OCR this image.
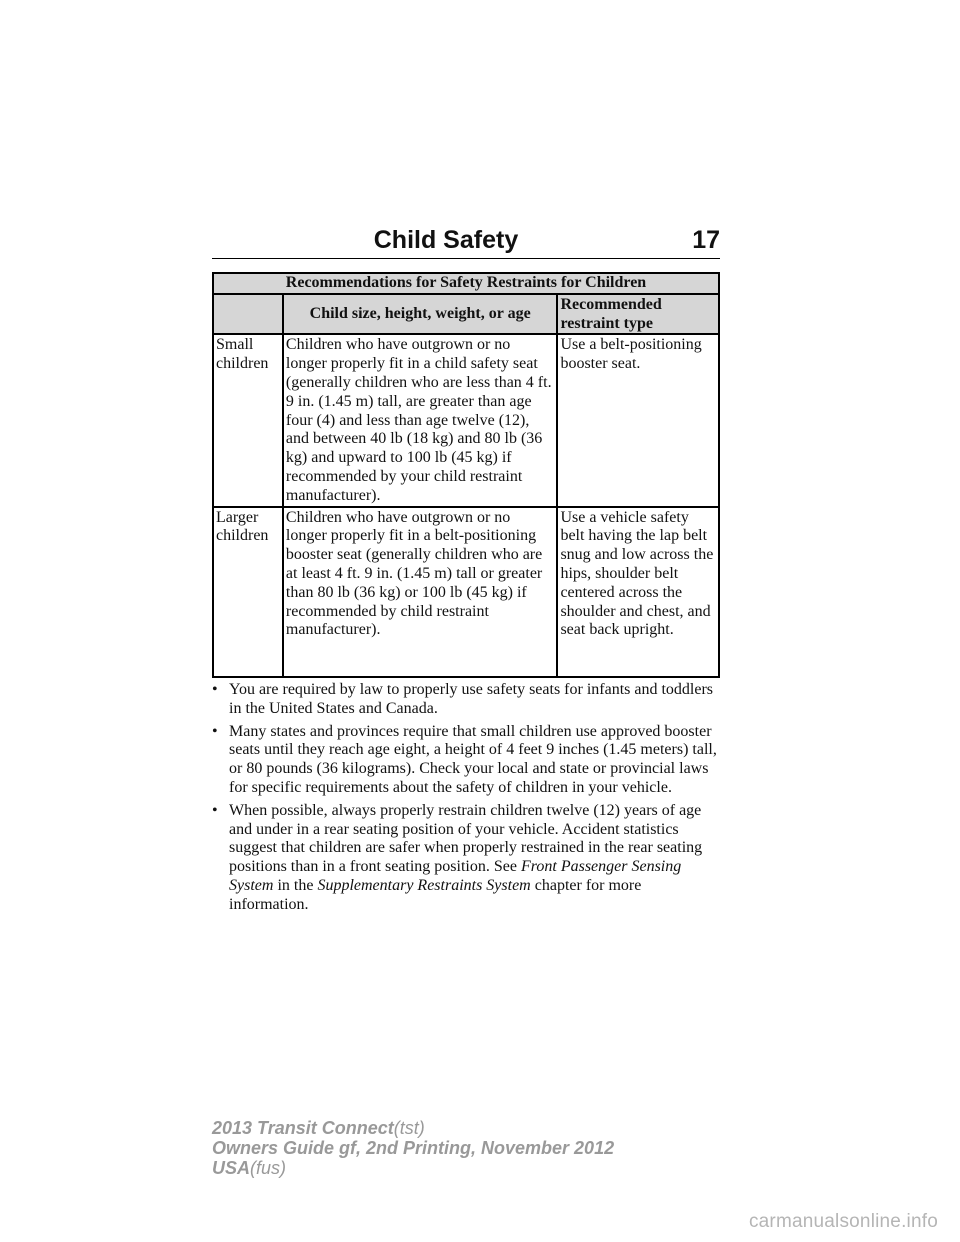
Child Safety	17
Recommendations for Safety Restraints for Children		
	Child size, height, weight, or age	Recommended restraint type
Small children	Children who have outgrown or no longer properly fit in a child safety seat (generally children who are less than 4 ft. 9 in. (1.45 m) tall, are greater than age four (4) and less than age twelve (12), and between 40 lb (18 kg) and 80 lb (36 kg) and upward to 100 lb (45 kg) if recommended by your child restraint manufacturer).	Use a belt-positioning booster seat.
Larger children	Children who have outgrown or no longer properly fit in a belt-positioning booster seat (generally children who are at least 4 ft. 9 in. (1.45 m) tall or greater than 80 lb (36 kg) or 100 lb (45 kg) if recommended by child restraint manufacturer).	Use a vehicle safety belt having the lap belt snug and low across the hips, shoulder belt centered across the shoulder and chest, and seat back upright.
• You are required by law to properly use safety seats for infants and toddlers in the United States and Canada.
• Many states and provinces require that small children use approved booster seats until they reach age eight, a height of 4 feet 9 inches (1.45 meters) tall, or 80 pounds (36 kilograms). Check your local and state or provincial laws for specific requirements about the safety of children in your vehicle.
• When possible, always properly restrain children twelve (12) years of age and under in a rear seating position of your vehicle. Accident statistics suggest that children are safer when properly restrained in the rear seating positions than in a front seating position. See Front Passenger Sensing System in the Supplementary Restraints System chapter for more information.
2013 Transit Connect(tst)
Owners Guide gf, 2nd Printing, November 2012
USA(fus)
carmanualsonline.info
